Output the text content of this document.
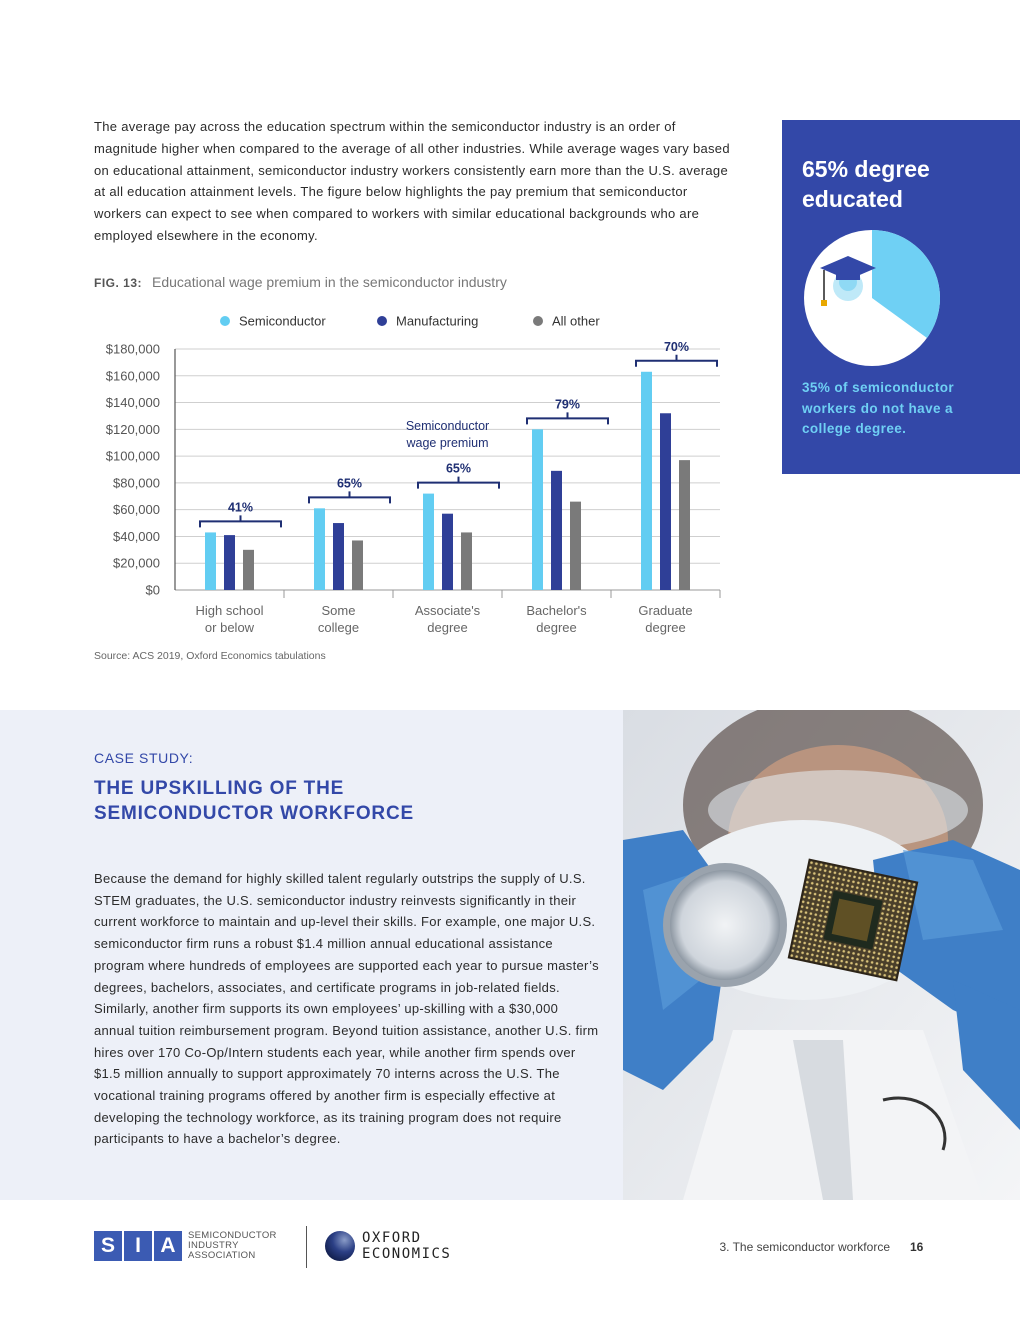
The average pay across the education spectrum within the semiconductor industry is an order of magnitude higher when compared to the average of all other industries. While average wages vary based on educational attainment, semiconductor industry workers consistently earn more than the U.S. average at all education attainment levels. The figure below highlights the pay premium that semiconductor workers can expect to see when compared to workers with similar educational backgrounds who are employed elsewhere in the economy.

FIG. 13: Educational wage premium in the semiconductor industry
Semiconductor	Manufacturing	All other
$0
$20,000
$40,000
$60,000
$80,000
$100,000
$120,000
$140,000
$160,000
$180,000
41%
High school
or below
65%
Some
college
65%
Associate's
degree
79%
Bachelor's
degree
70%
Graduate
degree
Semiconductor
wage premium
Source: ACS 2019, Oxford Economics tabulations

65% degree educated

35% of semiconductor workers do not have a college degree.

CASE STUDY:

THE UPSKILLING OF THE SEMICONDUCTOR WORKFORCE

Because the demand for highly skilled talent regularly outstrips the supply of U.S. STEM graduates, the U.S. semiconductor industry reinvests significantly in their current workforce to maintain and up-level their skills. For example, one major U.S. semiconductor firm runs a robust $1.4 million annual educational assistance program where hundreds of employees are supported each year to pursue master’s degrees, bachelors, associates, and certificate programs in job-related fields. Similarly, another firm supports its own employees’ up-skilling with a $30,000 annual tuition reimbursement program. Beyond tuition assistance, another U.S. firm hires over 170 Co-Op/Intern students each year, while another firm spends over $1.5 million annually to support approximately 70 interns across the U.S. The vocational training programs offered by another firm is especially effective at developing the technology workforce, as its training program does not require participants to have a bachelor’s degree.

S I A	SEMICONDUCTOR
INDUSTRY
ASSOCIATION
OXFORD
ECONOMICS	3. The semiconductor workforce 16
